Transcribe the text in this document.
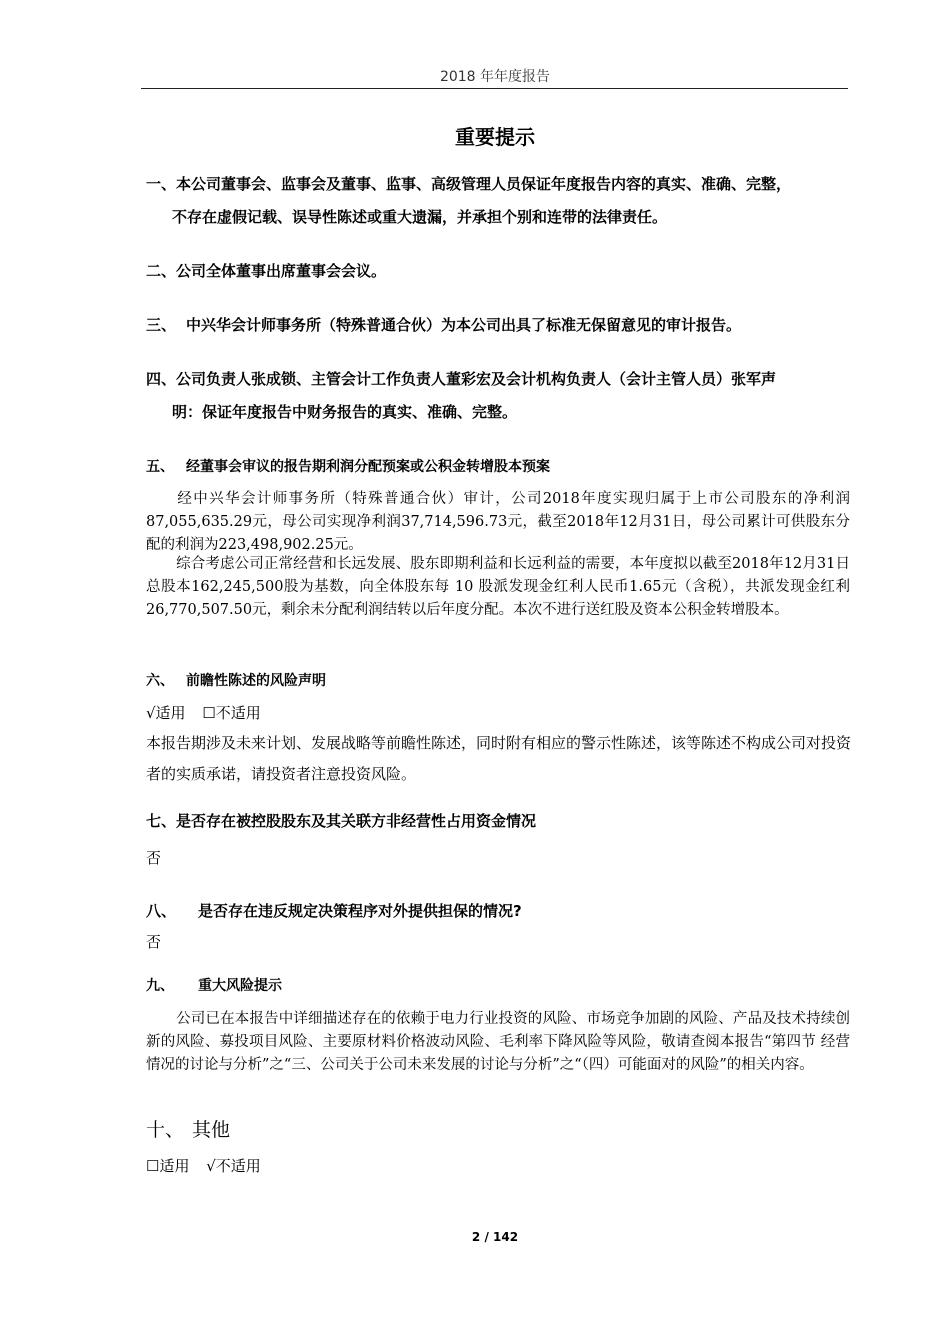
2018 年年度报告
重要提示
一、本公司董事会、监事会及董事、监事、高级管理人员保证年度报告内容的真实、准确、完整，
不存在虚假记载、误导性陈述或重大遗漏，并承担个别和连带的法律责任。
二、公司全体董事出席董事会会议。
三、 中兴华会计师事务所（特殊普通合伙）为本公司出具了标准无保留意见的审计报告。
四、公司负责人张成锁、主管会计工作负责人董彩宏及会计机构负责人（会计主管人员）张军声
明：保证年度报告中财务报告的真实、准确、完整。
五、 经董事会审议的报告期利润分配预案或公积金转增股本预案
经中兴华会计师事务所（特殊普通合伙）审计，公司2018年度实现归属于上市公司股东的净利润87,055,635.29元，母公司实现净利润37,714,596.73元，截至2018年12月31日，母公司累计可供股东分配的利润为223,498,902.25元。
综合考虑公司正常经营和长远发展、股东即期利益和长远利益的需要，本年度拟以截至2018年12月31日总股本162,245,500股为基数，向全体股东每 10 股派发现金红利人民币1.65元（含税），共派发现金红利26,770,507.50元，剩余未分配利润结转以后年度分配。本次不进行送红股及资本公积金转增股本。
六、 前瞻性陈述的风险声明
√适用 ☐不适用
本报告期涉及未来计划、发展战略等前瞻性陈述，同时附有相应的警示性陈述，该等陈述不构成公司对投资者的实质承诺，请投资者注意投资风险。
七、是否存在被控股股东及其关联方非经营性占用资金情况
否
八、 是否存在违反规定决策程序对外提供担保的情况?
否
九、 重大风险提示
公司已在本报告中详细描述存在的依赖于电力行业投资的风险、市场竞争加剧的风险、产品及技术持续创新的风险、募投项目风险、主要原材料价格波动风险、毛利率下降风险等风险，敬请查阅本报告“第四节 经营情况的讨论与分析”之“三、公司关于公司未来发展的讨论与分析”之“（四）可能面对的风险”的相关内容。
十、 其他
☐适用 √不适用
2 / 142
